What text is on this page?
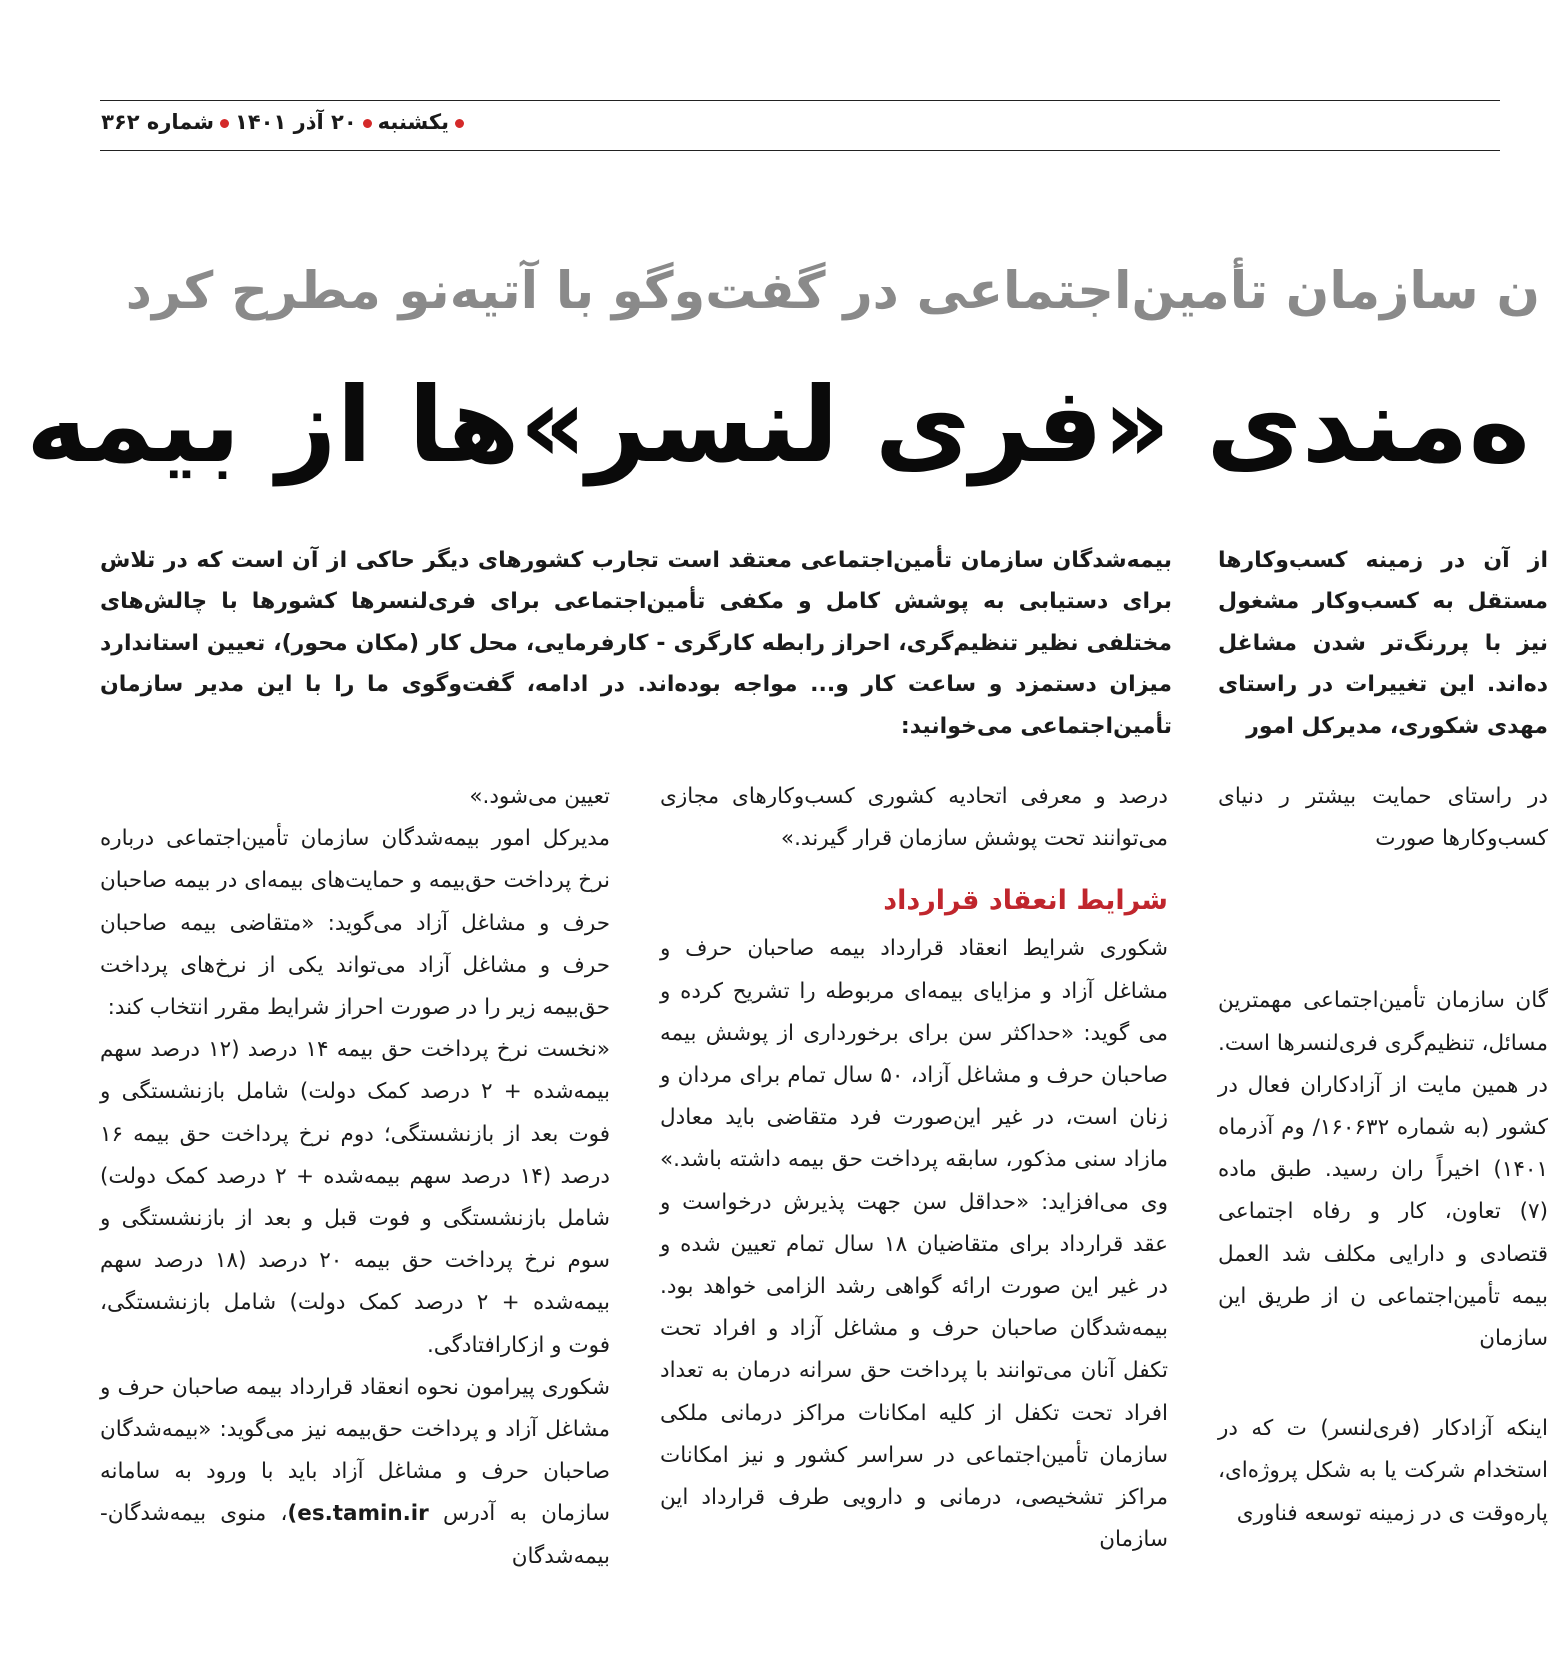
یکشنبه۲۰ آذر ۱۴۰۱شماره ۳۶۲
ن سازمان تأمین‌اجتماعی در گفت‌وگو با آتیه‌نو مطرح کرد
ه‌مندی «فری لنسر»ها از بیمه

از آن در زمینه کسب‌وکارها مستقل به کسب‌وکار مشغول نیز با پررنگ‌تر شدن مشاغل ده‌اند. این تغییرات در راستای مهدی شکوری، مدیرکل امور

بیمه‌شدگان سازمان تأمین‌اجتماعی معتقد است تجارب کشورهای دیگر حاکی از آن است که در تلاش برای دستیابی به پوشش کامل و مکفی تأمین‌اجتماعی برای فری‌لنسرها کشورها با چالش‌های مختلفی نظیر تنظیم‌گری، احراز رابطه کارگری - کارفرمایی، محل کار (مکان محور)، تعیین استاندارد میزان دستمزد و ساعت کار و... مواجه بوده‌اند. در ادامه، گفت‌وگوی ما را با این مدیر سازمان تأمین‌اجتماعی می‌خوانید:

در راستای حمایت بیشتر ر دنیای کسب‌وکارها صورت

گان سازمان تأمین‌اجتماعی مهمترین مسائل، تنظیم‌گری فری‌لنسرها است. در همین مایت از آزادکاران فعال در کشور (به شماره ۱۶۰۶۳۲/ وم آذرماه ۱۴۰۱) اخیراً ران رسید. طبق ماده (۷) تعاون، کار و رفاه اجتماعی قتصادی و دارایی مکلف شد العمل بیمه تأمین‌اجتماعی ن از طریق این سازمان

اینکه آزادکار (فری‌لنسر) ت که در استخدام شرکت یا به شکل پروژه‌ای، پاره‌وقت ی در زمینه توسعه فناوری

درصد و معرفی اتحادیه کشوری کسب‌وکارهای مجازی می‌توانند تحت پوشش سازمان قرار گیرند.»

شرایط انعقاد قرارداد

شکوری شرایط انعقاد قرارداد بیمه صاحبان حرف و مشاغل آزاد و مزایای بیمه‌ای مربوطه را تشریح کرده و می گوید: «حداکثر سن برای برخورداری از پوشش بیمه صاحبان حرف و مشاغل آزاد، ۵۰ سال تمام برای مردان و زنان است، در غیر این‌صورت فرد متقاضی باید معادل مازاد سنی مذکور، سابقه پرداخت حق بیمه داشته باشد.» وی می‌افزاید: «حداقل سن جهت پذیرش درخواست و عقد قرارداد برای متقاضیان ۱۸ سال تمام تعیین شده و در غیر این صورت ارائه گواهی رشد الزامی خواهد بود. بیمه‌شدگان صاحبان حرف و مشاغل آزاد و افراد تحت تکفل آنان می‌توانند با پرداخت حق سرانه درمان به تعداد افراد تحت تکفل از کلیه امکانات مراکز درمانی ملکی سازمان تأمین‌اجتماعی در سراسر کشور و نیز امکانات مراکز تشخیصی، درمانی و دارویی طرف قرارداد این سازمان

تعیین می‌شود.»

مدیرکل امور بیمه‌شدگان سازمان تأمین‌اجتماعی درباره نرخ پرداخت حق‌بیمه و حمایت‌های بیمه‌ای در بیمه صاحبان حرف و مشاغل آزاد می‌گوید: «متقاضی بیمه صاحبان حرف و مشاغل آزاد می‌تواند یکی از نرخ‌های پرداخت حق‌بیمه زیر را در صورت احراز شرایط مقرر انتخاب کند:

«نخست نرخ پرداخت حق بیمه ۱۴ درصد (۱۲ درصد سهم بیمه‌شده + ۲ درصد کمک دولت) شامل بازنشستگی و فوت بعد از بازنشستگی؛ دوم نرخ پرداخت حق بیمه ۱۶ درصد (۱۴ درصد سهم بیمه‌شده + ۲ درصد کمک دولت) شامل بازنشستگی و فوت قبل و بعد از بازنشستگی و سوم نرخ پرداخت حق بیمه ۲۰ درصد (۱۸ درصد سهم بیمه‌شده + ۲ درصد کمک دولت) شامل بازنشستگی، فوت و ازکارافتادگی.

شکوری پیرامون نحوه انعقاد قرارداد بیمه صاحبان حرف و مشاغل آزاد و پرداخت حق‌بیمه نیز می‌گوید: «بیمه‌شدگان صاحبان حرف و مشاغل آزاد باید با ورود به سامانه سازمان به آدرس (es.tamin.ir، منوی بیمه‌شدگان- بیمه‌شدگان
